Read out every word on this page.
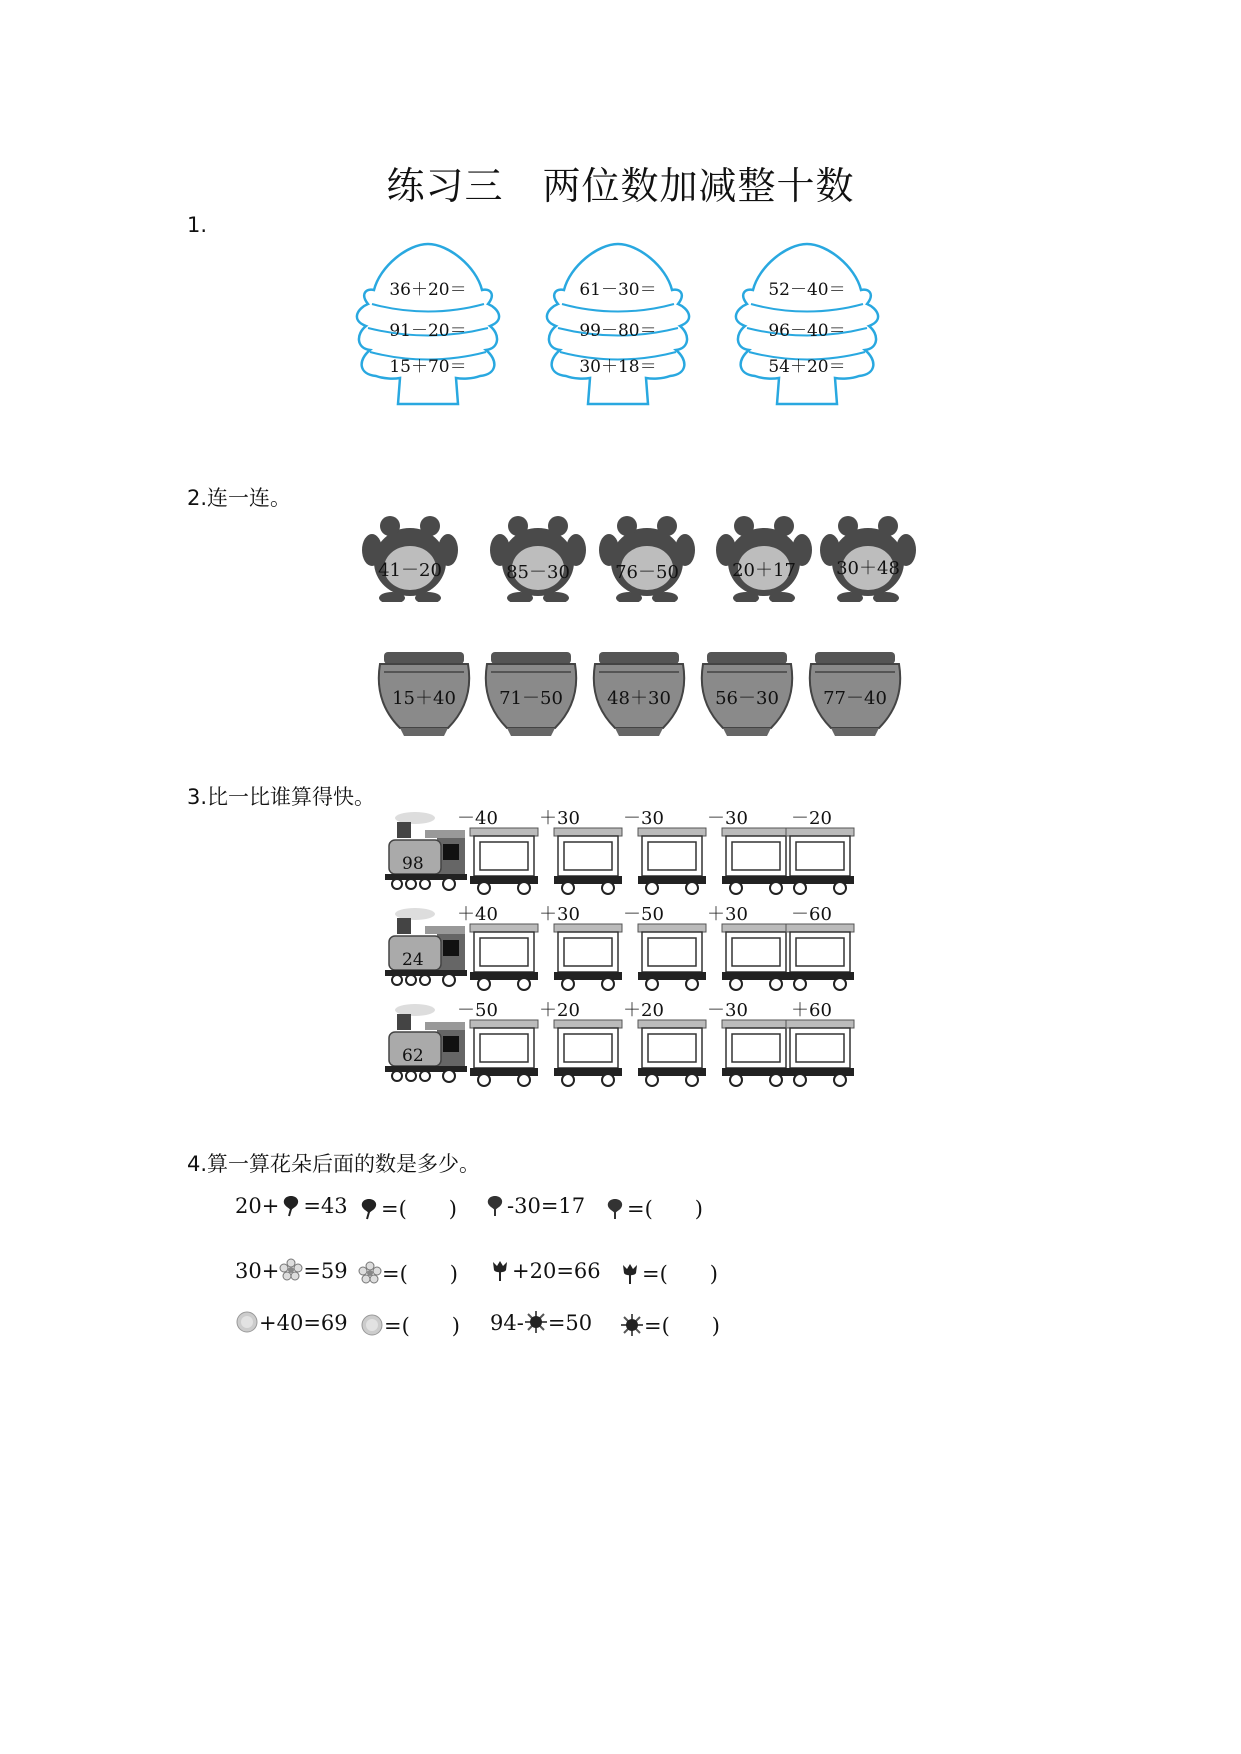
练习三　两位数加减整十数
1.
36＋20＝
91－20＝
15＋70＝
61－30＝
99－80＝
30＋18＝
52－40＝
96－40＝
54＋20＝
2.连一连。
41－20	85－30	76－50	20＋17	30＋48
15＋40	71－50	48＋30	56－30	77－40
3.比一比谁算得快。
98
－40 ＋30 －30 －30 －20
24
＋40 ＋30 －50 ＋30 －60
62
－50 ＋20 ＋20 －30 ＋60
4.算一算花朵后面的数是多少。
20+ =43	=(　　)	-30=17	=(　　)
30+ =59	=(　　)	+20=66	=(　　)
+40=69	=(　　) 94- =50	=(　　)
